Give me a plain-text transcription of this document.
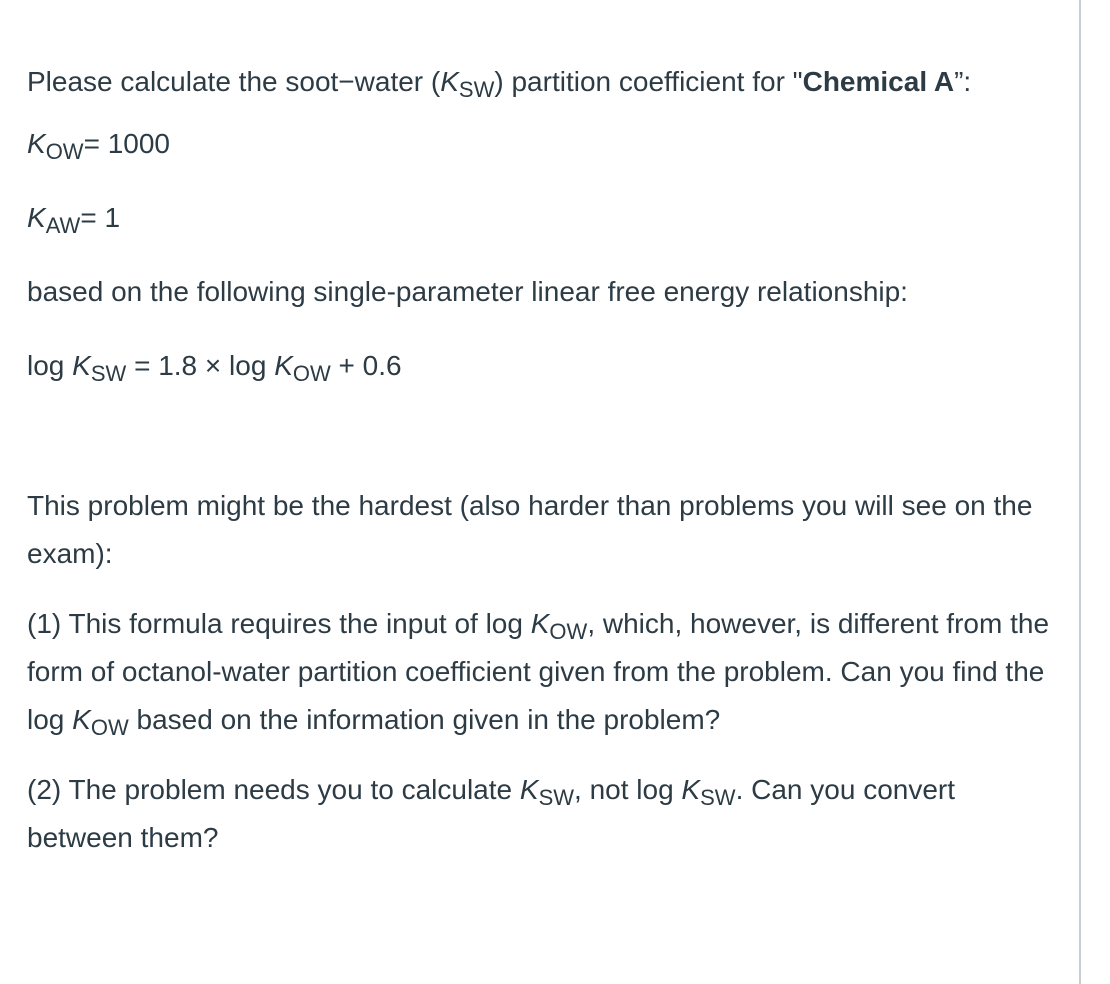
Please calculate the soot−water $(K_{SW})$ partition coefficient for "Chemical A”:

$K_{OW}= 1000$

$K_{AW}= 1$

based on the following single-parameter linear free energy relationship:

$\log K_{SW} = 1.8 \times \log K_{OW} + 0.6$

This problem might be the hardest (also harder than problems you will see on the exam):

(1) This formula requires the input of $\log K_{OW}$, which, however, is different from the form of octanol-water partition coefficient given from the problem. Can you find the $\log K_{OW}$ based on the information given in the problem?

(2) The problem needs you to calculate $K_{SW}$, not $\log K_{SW}$. Can you convert between them?
